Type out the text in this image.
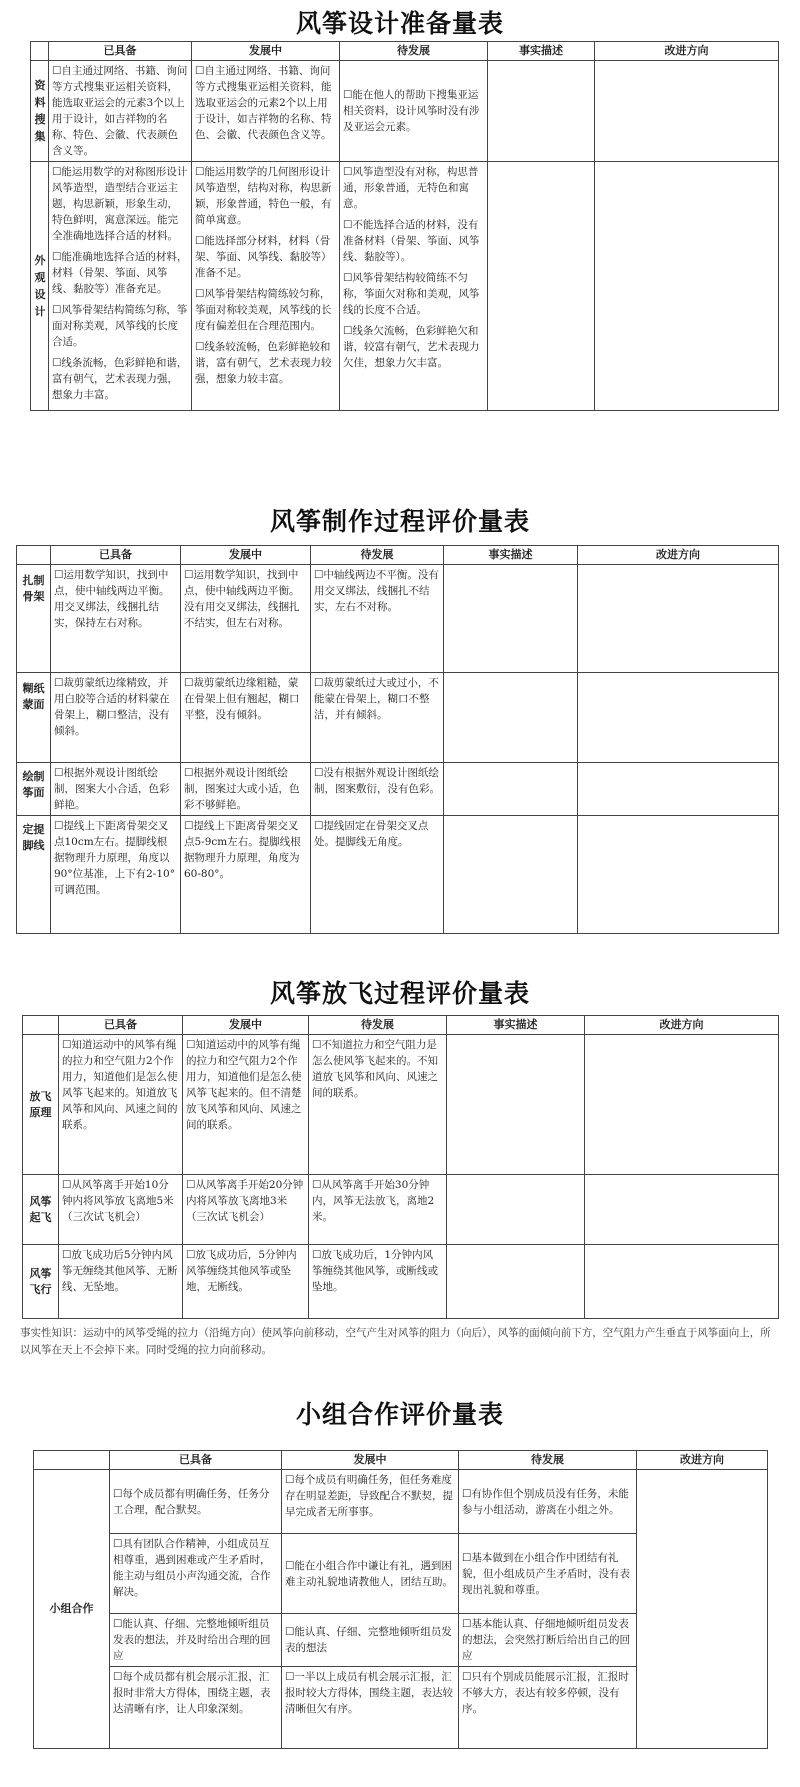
风筝设计准备量表
	已具备	发展中	待发展	事实描述	改进方向

资料搜集	☐自主通过网络、书籍、询问等方式搜集亚运相关资料，能选取亚运会的元素3个以上用于设计，如吉祥物的名称、特色、会徽、代表颜色含义等。	☐自主通过网络、书籍、询问等方式搜集亚运相关资料，能选取亚运会的元素2个以上用于设计，如吉祥物的名称、特色、会徽、代表颜色含义等。	☐能在他人的帮助下搜集亚运相关资料，设计风筝时没有涉及亚运会元素。		

外观设计	☐能运用数学的对称图形设计风筝造型，造型结合亚运主题，构思新颖，形象生动，特色鲜明，寓意深远。能完全准确地选择合适的材料。
☐能准确地选择合适的材料，材料（骨架、筝面、风筝线、黏胶等）准备充足。
☐风筝骨架结构简练匀称，筝面对称美观，风筝线的长度合适。
☐线条流畅，色彩鲜艳和谐，富有朝气，艺术表现力强，想象力丰富。	☐能运用数学的几何图形设计风筝造型，结构对称，构思新颖，形象普通，特色一般，有简单寓意。
☐能选择部分材料，材料（骨架、筝面、风筝线、黏胶等）准备不足。
☐风筝骨架结构简练较匀称，筝面对称较美观，风筝线的长度有偏差但在合理范围内。
☐线条较流畅，色彩鲜艳较和谐，富有朝气，艺术表现力较强，想象力较丰富。	☐风筝造型没有对称，构思普通，形象普通，无特色和寓意。
☐不能选择合适的材料，没有准备材料（骨架、筝面、风筝线、黏胶等）。
☐风筝骨架结构较简练不匀称，筝面欠对称和美观，风筝线的长度不合适。
☐线条欠流畅，色彩鲜艳欠和谐，较富有朝气，艺术表现力欠佳，想象力欠丰富。		

风筝制作过程评价量表
	已具备	发展中	待发展	事实描述	改进方向
扎制骨架	☐运用数学知识，找到中点，使中轴线两边平衡。用交叉绑法，线捆扎结实，保持左右对称。	☐运用数学知识，找到中点，使中轴线两边平衡。没有用交叉绑法，线捆扎不结实，但左右对称。	☐中轴线两边不平衡。没有用交叉绑法，线捆扎不结实，左右不对称。		
糊纸蒙面	☐裁剪蒙纸边缘精致，并用白胶等合适的材料蒙在骨架上，糊口整洁，没有倾斜。	☐裁剪蒙纸边缘粗糙，蒙在骨架上但有翘起，糊口平整，没有倾斜。	☐裁剪蒙纸过大或过小，不能蒙在骨架上，糊口不整洁，并有倾斜。		
绘制筝面	☐根据外观设计图纸绘制，图案大小合适，色彩鲜艳。	☐根据外观设计图纸绘制，图案过大或小适，色彩不够鲜艳。	☐没有根据外观设计图纸绘制，图案敷衍，没有色彩。		
定提脚线	☐提线上下距离骨架交叉点10cm左右。提脚线根据物理升力原理，角度以90°位基准，上下有2-10°可调范围。	☐提线上下距离骨架交叉点5-9cm左右。提脚线根据物理升力原理，角度为60-80°。	☐提线固定在骨架交叉点处。提脚线无角度。		
风筝放飞过程评价量表
	已具备	发展中	待发展	事实描述	改进方向
放飞原理	☐知道运动中的风筝有绳的拉力和空气阻力2个作用力，知道他们是怎么使风筝飞起来的。知道放飞风筝和风向、风速之间的联系。	☐知道运动中的风筝有绳的拉力和空气阻力2个作用力，知道他们是怎么使风筝飞起来的。但不清楚放飞风筝和风向、风速之间的联系。	☐不知道拉力和空气阻力是怎么使风筝飞起来的。不知道放飞风筝和风向、风速之间的联系。		
风筝起飞	☐从风筝离手开始10分钟内将风筝放飞离地5米（三次试飞机会）	☐从风筝离手开始20分钟内将风筝放飞离地3米（三次试飞机会）	☐从风筝离手开始30分钟内，风筝无法放飞，离地2米。		
风筝飞行	☐放飞成功后5分钟内风筝无缠绕其他风筝、无断线、无坠地。	☐放飞成功后，5分钟内风筝缠绕其他风筝或坠地，无断线。	☐放飞成功后，1分钟内风筝缠绕其他风筝，或断线或坠地。		
事实性知识：运动中的风筝受绳的拉力（沿绳方向）使风筝向前移动，空气产生对风筝的阻力（向后），风筝的面倾向前下方，空气阻力产生垂直于风筝面向上，所以风筝在天上不会掉下来。同时受绳的拉力向前移动。
小组合作评价量表
	已具备	发展中	待发展	改进方向
小组合作	☐每个成员都有明确任务，任务分工合理，配合默契。	☐每个成员有明确任务，但任务难度存在明显差距，导致配合不默契，提早完成者无所事事。	☐有协作但个别成员没有任务，未能参与小组活动，游离在小组之外。	
	☐具有团队合作精神，小组成员互相尊重，遇到困难或产生矛盾时，能主动与组员小声沟通交流，合作解决。	☐能在小组合作中谦让有礼，遇到困难主动礼貌地请教他人，团结互助。	☐基本做到在小组合作中团结有礼貌，但小组成员产生矛盾时，没有表现出礼貌和尊重。	
	☐能认真、仔细、完整地倾听组员发表的想法，并及时给出合理的回应	☐能认真、仔细、完整地倾听组员发表的想法	☐基本能认真、仔细地倾听组员发表的想法，会突然打断后给出自己的回应	
	☐每个成员都有机会展示汇报，汇报时非常大方得体，围绕主题，表达清晰有序，让人印象深刻。	☐一半以上成员有机会展示汇报，汇报时较大方得体，围绕主题，表达较清晰但欠有序。	☐只有个别成员能展示汇报，汇报时不够大方，表达有较多停顿，没有序。	
